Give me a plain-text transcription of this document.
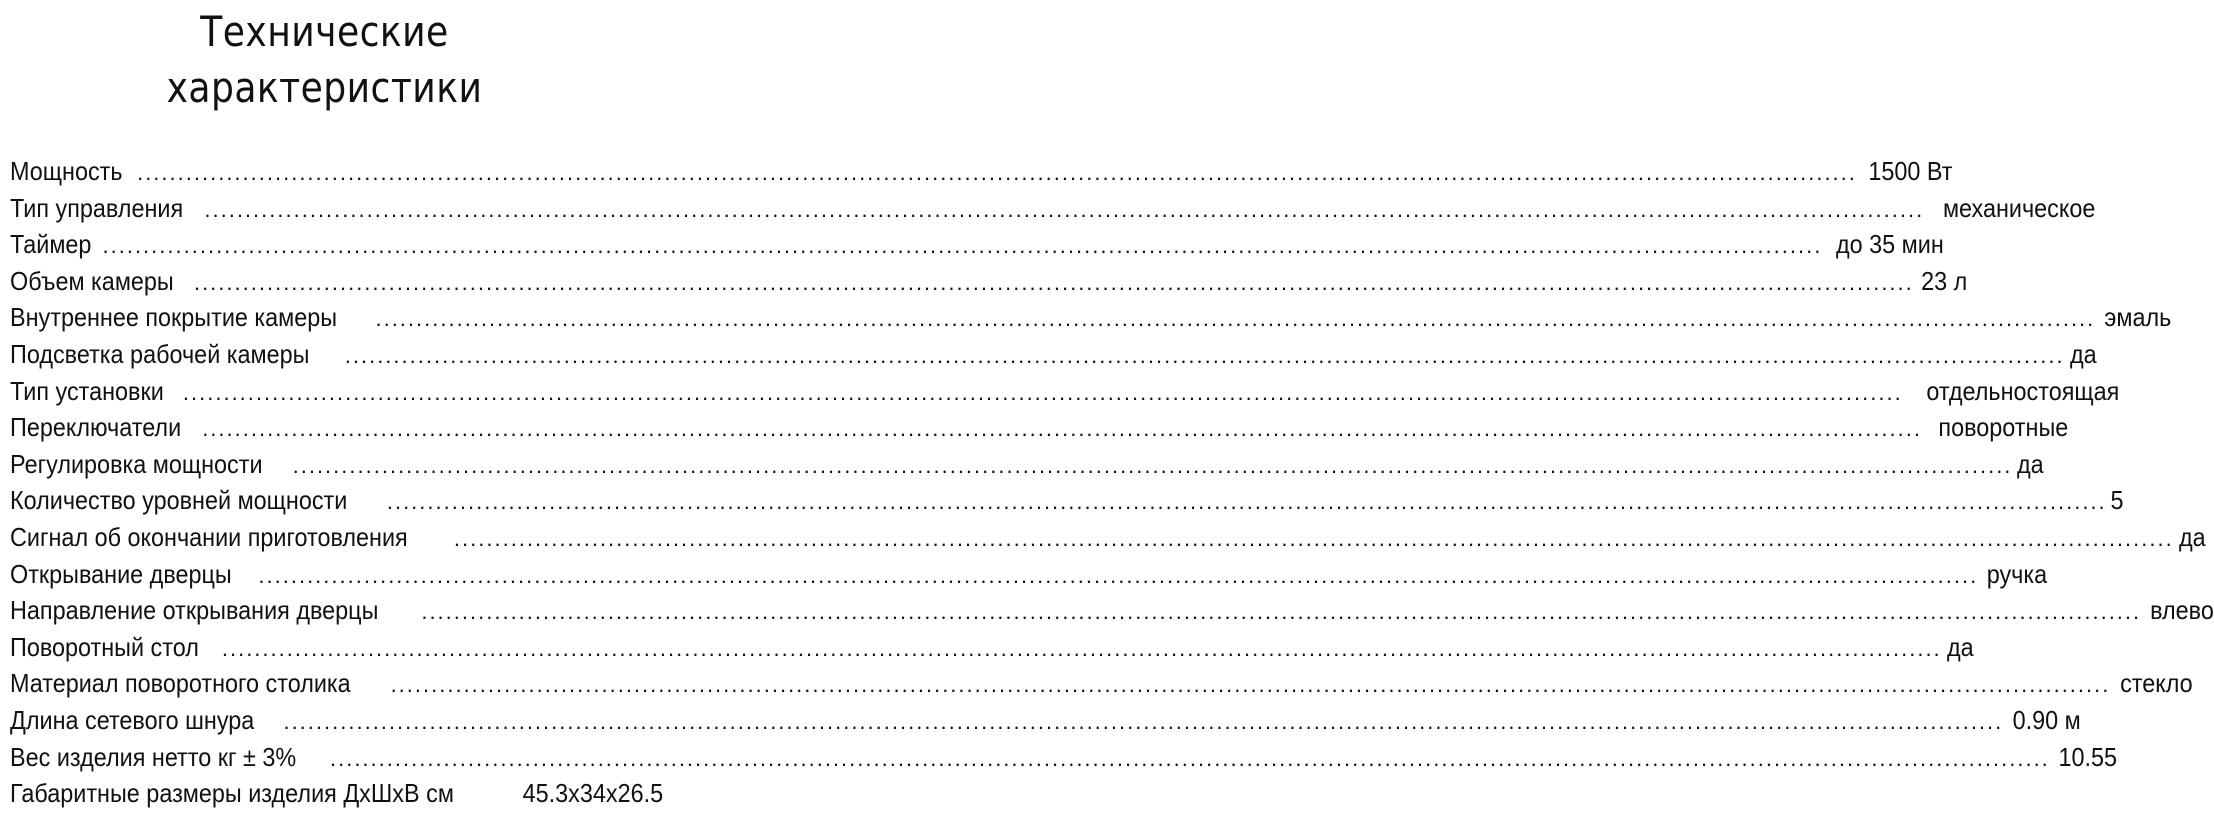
Технические
характеристики
Мощность .....	1500 Вт
Тип управления .....	механическое
Таймер .....	до 35 мин
Объем камеры .....	23 л
Внутреннее покрытие камеры .....	эмаль
Подсветка рабочей камеры .....	да
Тип установки .....	отдельностоящая
Переключатели .....	поворотные
Регулировка мощности .....	да
Количество уровней мощности .....	5
Сигнал об окончании приготовления .....	да
Открывание дверцы .....	ручка
Направление открывания дверцы .....	влево
Поворотный стол .....	да
Материал поворотного столика .....	стекло
Длина сетевого шнура .....	0.90 м
Вес изделия нетто кг ± 3% .....	10.55
Габаритные размеры изделия ДхШхВ см	45.3x34x26.5
